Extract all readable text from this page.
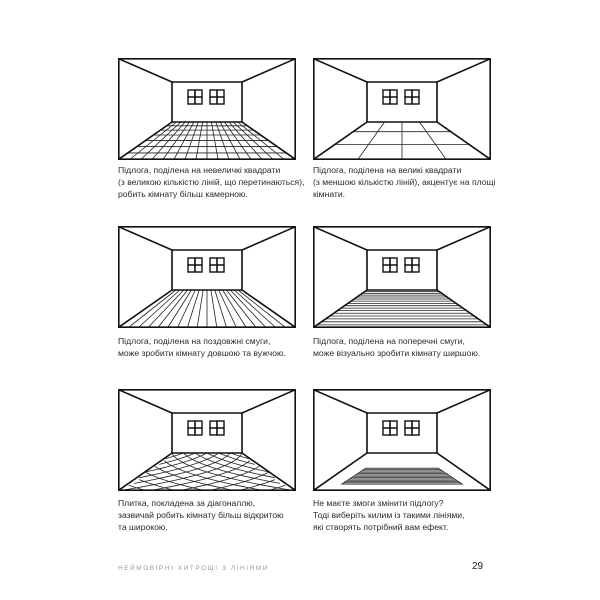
Підлога, поділена на невеличкі квадрати
(з великою кількістю ліній, що перетинаються),
робить кімнату більш камерною.
Підлога, поділена на великі квадрати
(з меншою кількістю ліній), акцентує на площі
кімнати.
Підлога, поділена на поздовжні смуги,
може зробити кімнату довшою та вужчою.
Підлога, поділена на поперечні смуги,
може візуально зробити кімнату ширшою.
Плитка, покладена за діагоналлю,
зазвичай робить кімнату більш відкритою
та широкою.
Не маєте змоги змінити підлогу?
Тоді виберіть килим із такими лініями,
які створять потрібний вам ефект.
НЕЙМОВІРНІ ХИТРОЩІ З ЛІНІЯМИ	29
